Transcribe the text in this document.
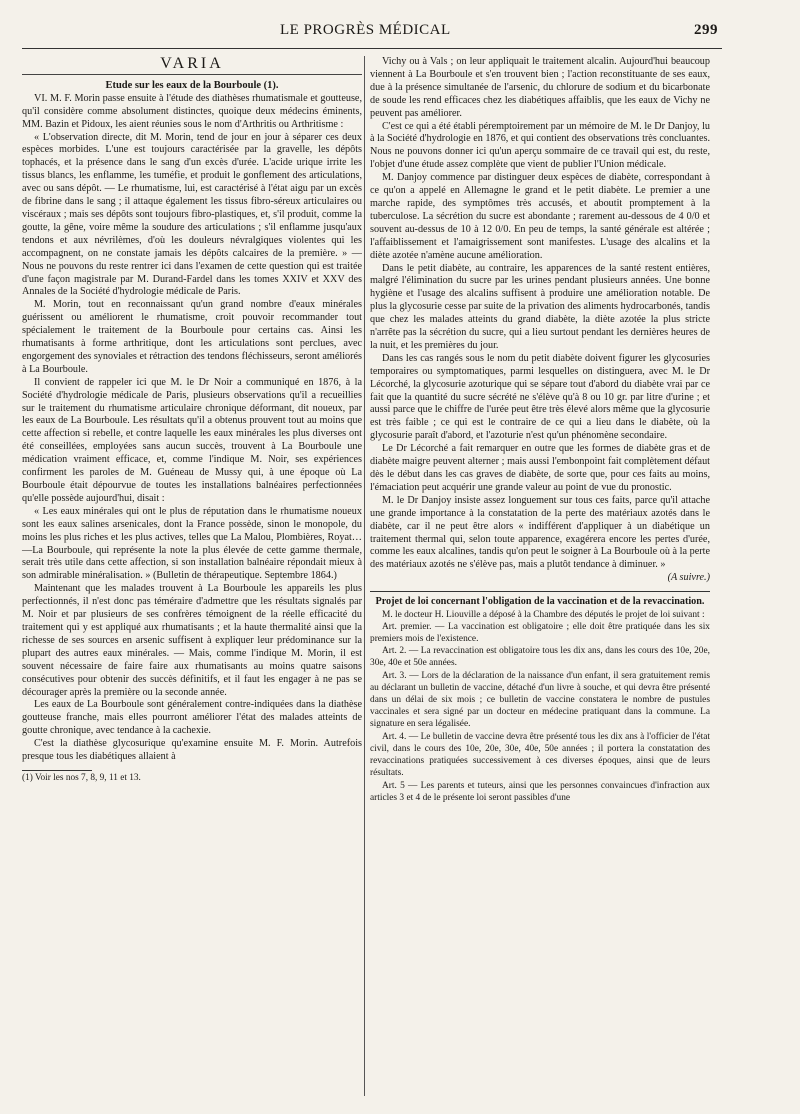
LE PROGRÈS MÉDICAL	299
VARIA

Etude sur les eaux de la Bourboule (1).

VI. M. F. Morin passe ensuite à l'étude des diathèses rhumatismale et goutteuse, qu'il considère comme absolument distinctes, quoique deux médecins éminents, MM. Bazin et Pidoux, les aient réunies sous le nom d'Arthritis ou Arthritisme :

« L'observation directe, dit M. Morin, tend de jour en jour à séparer ces deux espèces morbides. L'une est toujours caractérisée par la gravelle, les dépôts tophacés, et la présence dans le sang d'un excès d'urée. L'acide urique irrite les tissus blancs, les enflamme, les tuméfie, et produit le gonflement des articulations, avec ou sans dépôt. — Le rhumatisme, lui, est caractérisé à l'état aigu par un excès de fibrine dans le sang ; il attaque également les tissus fibro-séreux articulaires ou viscéraux ; mais ses dépôts sont toujours fibro-plastiques, et, s'il produit, comme la goutte, la gêne, voire même la soudure des articulations ; s'il enflamme jusqu'aux tendons et aux névrilèmes, d'où les douleurs névralgiques violentes qui les accompagnent, on ne constate jamais les dépôts calcaires de la première. » — Nous ne pouvons du reste rentrer ici dans l'examen de cette question qui est traitée d'une façon magistrale par M. Durand-Fardel dans les tomes XXIV et XXV des Annales de la Société d'hydrologie médicale de Paris.

M. Morin, tout en reconnaissant qu'un grand nombre d'eaux minérales guérissent ou améliorent le rhumatisme, croit pouvoir recommander tout spécialement le traitement de la Bourboule pour certains cas. Ainsi les rhumatisants à forme arthritique, dont les articulations sont perclues, avec engorgement des synoviales et rétraction des tendons fléchisseurs, seront améliorés à La Bourboule.

Il convient de rappeler ici que M. le Dr Noir a communiqué en 1876, à la Société d'hydrologie médicale de Paris, plusieurs observations qu'il a recueillies sur le traitement du rhumatisme articulaire chronique déformant, dit noueux, par les eaux de La Bourboule. Les résultats qu'il a obtenus prouvent tout au moins que cette affection si rebelle, et contre laquelle les eaux minérales les plus diverses ont été conseillées, employées sans aucun succès, trouvent à La Bourboule une médication vraiment efficace, et, comme l'indique M. Noir, ses expériences confirment les paroles de M. Guéneau de Mussy qui, à une époque où La Bourboule était dépourvue de toutes les installations balnéaires perfectionnées qu'elle possède aujourd'hui, disait :

« Les eaux minérales qui ont le plus de réputation dans le rhumatisme noueux sont les eaux salines arsenicales, dont la France possède, sinon le monopole, du moins les plus riches et les plus actives, telles que La Malou, Plombières, Royat…—La Bourboule, qui représente la note la plus élevée de cette gamme thermale, serait très utile dans cette affection, si son installation balnéaire répondait mieux à son admirable minéralisation. » (Bulletin de thérapeutique. Septembre 1864.)

Maintenant que les malades trouvent à La Bourboule les appareils les plus perfectionnés, il n'est donc pas téméraire d'admettre que les résultats signalés par M. Noir et par plusieurs de ses confrères témoignent de la réelle efficacité du traitement qui y est appliqué aux rhumatisants ; et la haute thermalité ainsi que la richesse de ses sources en arsenic suffisent à expliquer leur prédominance sur la plupart des autres eaux minérales. — Mais, comme l'indique M. Morin, il est souvent nécessaire de faire faire aux rhumatisants au moins quatre saisons consécutives pour obtenir des succès définitifs, et il faut les engager à ne pas se décourager après la première ou la seconde année.

Les eaux de La Bourboule sont généralement contre-indiquées dans la diathèse goutteuse franche, mais elles pourront améliorer l'état des malades atteints de goutte chronique, avec tendance à la cachexie.

C'est la diathèse glycosurique qu'examine ensuite M. F. Morin. Autrefois presque tous les diabétiques allaient à

(1) Voir les nos 7, 8, 9, 11 et 13.

Vichy ou à Vals ; on leur appliquait le traitement alcalin. Aujourd'hui beaucoup viennent à La Bourboule et s'en trouvent bien ; l'action reconstituante de ses eaux, due à la présence simultanée de l'arsenic, du chlorure de sodium et du bicarbonate de soude les rend efficaces chez les diabétiques affaiblis, que les eaux de Vichy ne peuvent pas améliorer.

C'est ce qui a été établi péremptoirement par un mémoire de M. le Dr Danjoy, lu à la Société d'hydrologie en 1876, et qui contient des observations très concluantes. Nous ne pouvons donner ici qu'un aperçu sommaire de ce travail qui est, du reste, l'objet d'une étude assez complète que vient de publier l'Union médicale.

M. Danjoy commence par distinguer deux espèces de diabète, correspondant à ce qu'on a appelé en Allemagne le grand et le petit diabète. Le premier a une marche rapide, des symptômes très accusés, et aboutit promptement à la tuberculose. La sécrétion du sucre est abondante ; rarement au-dessous de 4 0/0 et souvent au-dessus de 10 à 12 0/0. En peu de temps, la santé générale est altérée ; l'affaiblissement et l'amaigrissement sont manifestes. L'usage des alcalins et la diète azotée n'amène aucune amélioration.

Dans le petit diabète, au contraire, les apparences de la santé restent entières, malgré l'élimination du sucre par les urines pendant plusieurs années. Une bonne hygiène et l'usage des alcalins suffisent à produire une amélioration notable. De plus la glycosurie cesse par suite de la privation des aliments hydrocarbonés, tandis que chez les malades atteints du grand diabète, la diète azotée la plus stricte n'arrête pas la sécrétion du sucre, qui a lieu surtout pendant les dernières heures de la nuit, et les premières du jour.

Dans les cas rangés sous le nom du petit diabète doivent figurer les glycosuries temporaires ou symptomatiques, parmi lesquelles on distinguera, avec M. le Dr Lécorché, la glycosurie azoturique qui se sépare tout d'abord du diabète vrai par ce fait que la quantité du sucre sécrété ne s'élève qu'à 8 ou 10 gr. par litre d'urine ; et aussi parce que le chiffre de l'urée peut être très élevé alors même que la glycosurie est très faible ; ce qui est le contraire de ce qui a lieu dans le diabète, où la glycosurie paraît d'abord, et l'azoturie n'est qu'un phénomène secondaire.

Le Dr Lécorché a fait remarquer en outre que les formes de diabète gras et de diabète maigre peuvent alterner ; mais aussi l'embonpoint fait complètement défaut dès le début dans les cas graves de diabète, de sorte que, pour ces faits au moins, l'émaciation peut acquérir une grande valeur au point de vue du pronostic.

M. le Dr Danjoy insiste assez longuement sur tous ces faits, parce qu'il attache une grande importance à la constatation de la perte des matériaux azotés dans le diabète, car il ne peut être alors « indifférent d'appliquer à un diabétique un traitement thermal qui, selon toute apparence, exagérera encore les pertes d'urée, comme les eaux alcalines, tandis qu'on peut le soigner à La Bourboule où à la perte des matériaux azotés ne s'élève pas, mais a plutôt tendance à diminuer. »

(A suivre.)

Projet de loi concernant l'obligation de la vaccination et de la revaccination.

M. le docteur H. Liouville a déposé à la Chambre des députés le projet de loi suivant :

Art. premier. — La vaccination est obligatoire ; elle doit être pratiquée dans les six premiers mois de l'existence.

Art. 2. — La revaccination est obligatoire tous les dix ans, dans les cours des 10e, 20e, 30e, 40e et 50e années.

Art. 3. — Lors de la déclaration de la naissance d'un enfant, il sera gratuitement remis au déclarant un bulletin de vaccine, détaché d'un livre à souche, et qui devra être présenté dans un délai de six mois ; ce bulletin de vaccine constatera le nombre de pustules vaccinales et sera signé par un docteur en médecine pratiquant dans la commune. La signature en sera légalisée.

Art. 4. — Le bulletin de vaccine devra être présenté tous les dix ans à l'officier de l'état civil, dans le cours des 10e, 20e, 30e, 40e, 50e années ; il portera la constatation des revaccinations pratiquées successivement à ces diverses époques, ainsi que de leurs résultats.

Art. 5 — Les parents et tuteurs, ainsi que les personnes convaincues d'infraction aux articles 3 et 4 de le présente loi seront passibles d'une
